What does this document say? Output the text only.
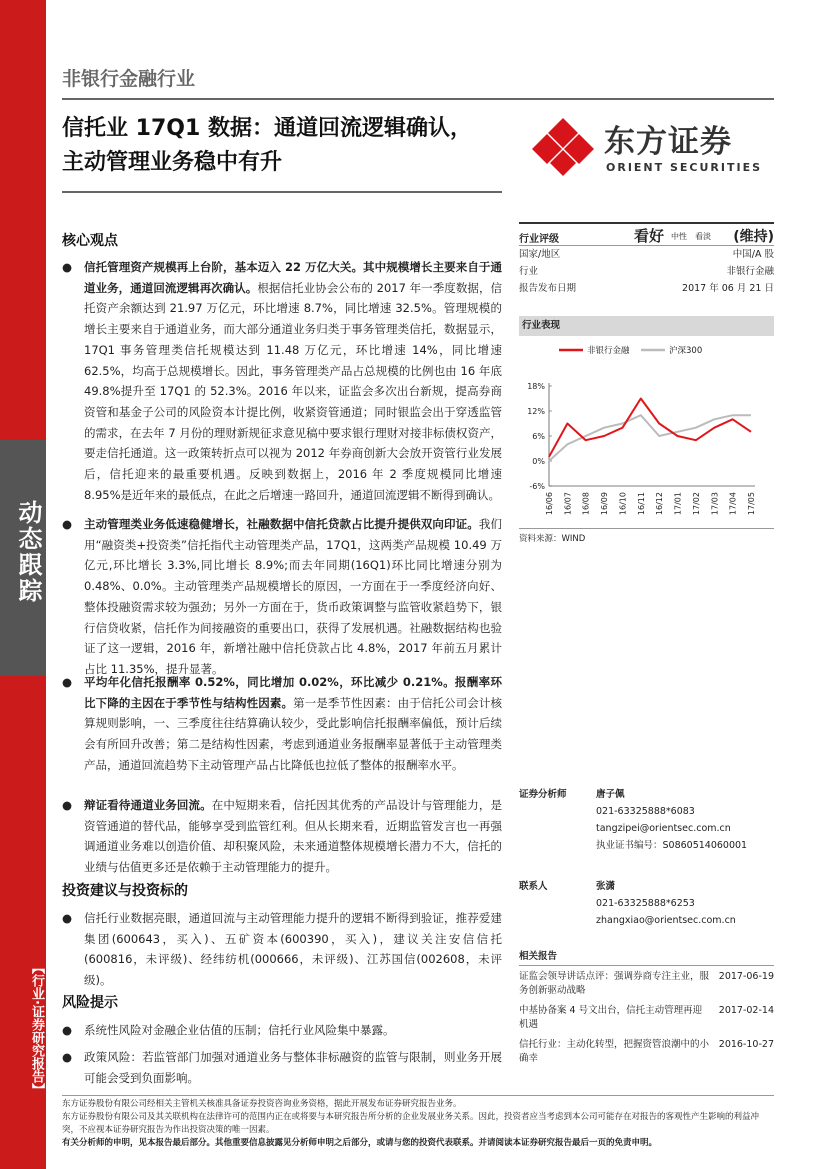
动态跟踪
【行业·证券研究报告】
非银行金融行业
信托业 17Q1 数据：通道回流逻辑确认，
主动管理业务稳中有升
东方证券
ORIENT SECURITIES
核心观点
●	信托管理资产规模再上台阶，基本迈入 22 万亿大关。其中规模增长主要来自于通道业务，通道回流逻辑再次确认。根据信托业协会公布的 2017 年一季度数据，信托资产余额达到 21.97 万亿元，环比增速 8.7%，同比增速 32.5%。管理规模的增长主要来自于通道业务，而大部分通道业务归类于事务管理类信托，数据显示，17Q1 事务管理类信托规模达到 11.48 万亿元，环比增速 14%，同比增速 62.5%，均高于总规模增长。因此，事务管理类产品占总规模的比例也由 16 年底 49.8%提升至 17Q1 的 52.3%。2016 年以来，证监会多次出台新规，提高券商资管和基金子公司的风险资本计提比例，收紧资管通道；同时银监会出于穿透监管的需求，在去年 7 月份的理财新规征求意见稿中要求银行理财对接非标债权资产，要走信托通道。这一政策转折点可以视为 2012 年券商创新大会放开资管行业发展后，信托迎来的最重要机遇。反映到数据上，2016 年 2 季度规模同比增速 8.95%是近年来的最低点，在此之后增速一路回升，通道回流逻辑不断得到确认。
●	主动管理类业务低速稳健增长，社融数据中信托贷款占比提升提供双向印证。我们用“融资类+投资类”信托指代主动管理类产品，17Q1，这两类产品规模 10.49 万亿元,环比增长 3.3%,同比增长 8.9%;而去年同期(16Q1)环比同比增速分别为 0.48%、0.0%。主动管理类产品规模增长的原因，一方面在于一季度经济向好、整体投融资需求较为强劲；另外一方面在于，货币政策调整与监管收紧趋势下，银行信贷收紧，信托作为间接融资的重要出口，获得了发展机遇。社融数据结构也验证了这一逻辑，2016 年，新增社融中信托贷款占比 4.8%，2017 年前五月累计占比 11.35%，提升显著。
●	平均年化信托报酬率 0.52%，同比增加 0.02%，环比减少 0.21%。报酬率环比下降的主因在于季节性与结构性因素。第一是季节性因素：由于信托公司会计核算规则影响，一、三季度往往结算确认较少，受此影响信托报酬率偏低，预计后续会有所回升改善；第二是结构性因素，考虑到通道业务报酬率显著低于主动管理类产品，通道回流趋势下主动管理产品占比降低也拉低了整体的报酬率水平。
●	辩证看待通道业务回流。在中短期来看，信托因其优秀的产品设计与管理能力，是资管通道的替代品，能够享受到监管红利。但从长期来看，近期监管发言也一再强调通道业务难以创造价值、却积聚风险，未来通道整体规模增长潜力不大，信托的业绩与估值更多还是依赖于主动管理能力的提升。
投资建议与投资标的
●	信托行业数据亮眼，通道回流与主动管理能力提升的逻辑不断得到验证，推荐爱建集团(600643，买入)、五矿资本(600390，买入)，建议关注安信信托(600816，未评级)、经纬纺机(000666，未评级)、江苏国信(002608，未评级)。
风险提示
●	系统性风险对金融企业估值的压制；信托行业风险集中暴露。
●	政策风险：若监管部门加强对通道业务与整体非标融资的监管与限制，则业务开展可能会受到负面影响。
行业评级	看好 中性 看淡 (维持)
国家/地区	中国/A 股
行业	非银行金融
报告发布日期	2017 年 06 月 21 日
行业表现
非银行金融	沪深300
18%
12%
6%
0%
-6%
16/06 16/07 16/08 16/09 16/10 16/11 16/12 17/01 17/02 17/03 17/04 17/05
资料来源：WIND
证券分析师	唐子佩
021-63325888*6083
tangzipei@orientsec.com.cn
执业证书编号：S0860514060001
联系人	张潇
021-63325888*6253
zhangxiao@orientsec.com.cn
相关报告
证监会领导讲话点评：强调券商专注主业，服务创新驱动战略
2017-06-19
中基协备案 4 号文出台，信托主动管理再迎机遇
2017-02-14
信托行业：主动化转型，把握资管浪潮中的小确幸
2016-10-27
东方证券股份有限公司经相关主管机关核准具备证券投资咨询业务资格，据此开展发布证券研究报告业务。
东方证券股份有限公司及其关联机构在法律许可的范围内正在或将要与本研究报告所分析的企业发展业务关系。因此，投资者应当考虑到本公司可能存在对报告的客观性产生影响的利益冲突，不应视本证券研究报告为作出投资决策的唯一因素。
有关分析师的申明，见本报告最后部分。其他重要信息披露见分析师申明之后部分，或请与您的投资代表联系。并请阅读本证券研究报告最后一页的免责申明。
